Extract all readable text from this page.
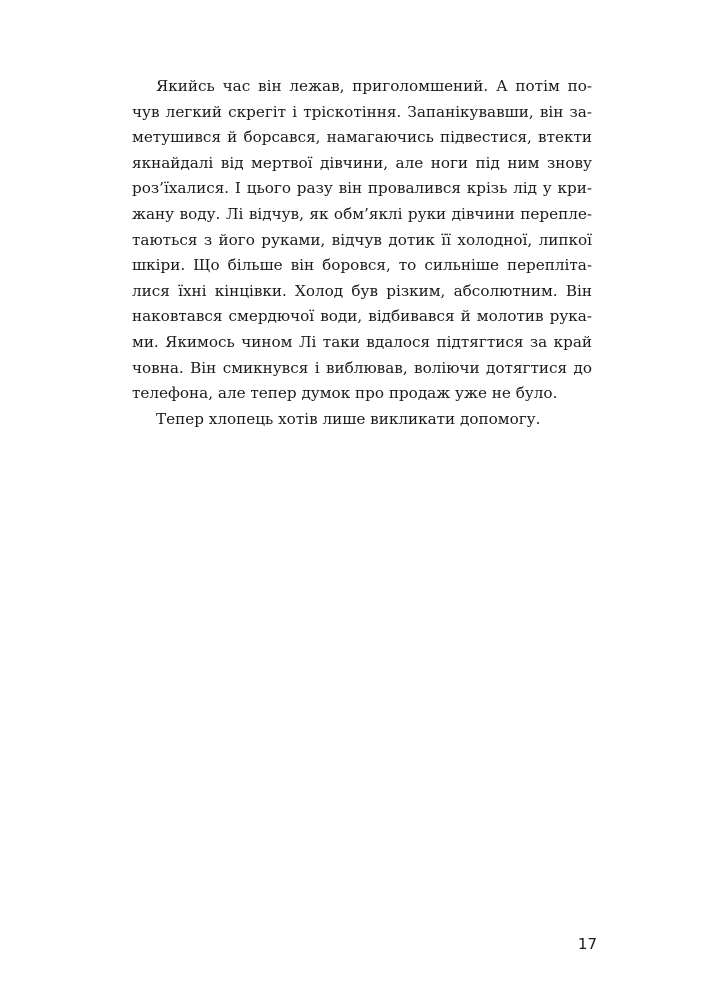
Якийсь час він лежав, приголомшений. А потім по-
чув легкий скрегіт і тріскотіння. Запанікувавши, він за-
метушився й борсався, намагаючись підвестися, втекти
якнайдалі від мертвої дівчини, але ноги під ним знову
роз’їхалися. І цього разу він провалився крізь лід у кри-
жану воду. Лі відчув, як обм’яклі руки дівчини перепле-
таються з його руками, відчув дотик її холодної, липкої
шкіри. Що більше він боровся, то сильніше перепліта-
лися їхні кінцівки. Холод був різким, абсолютним. Він
наковтався смердючої води, відбивався й молотив рука-
ми. Якимось чином Лі таки вдалося підтягтися за край
човна. Він смикнувся і виблював, воліючи дотягтися до
телефона, але тепер думок про продаж уже не було.
Тепер хлопець хотів лише викликати допомогу.
17
